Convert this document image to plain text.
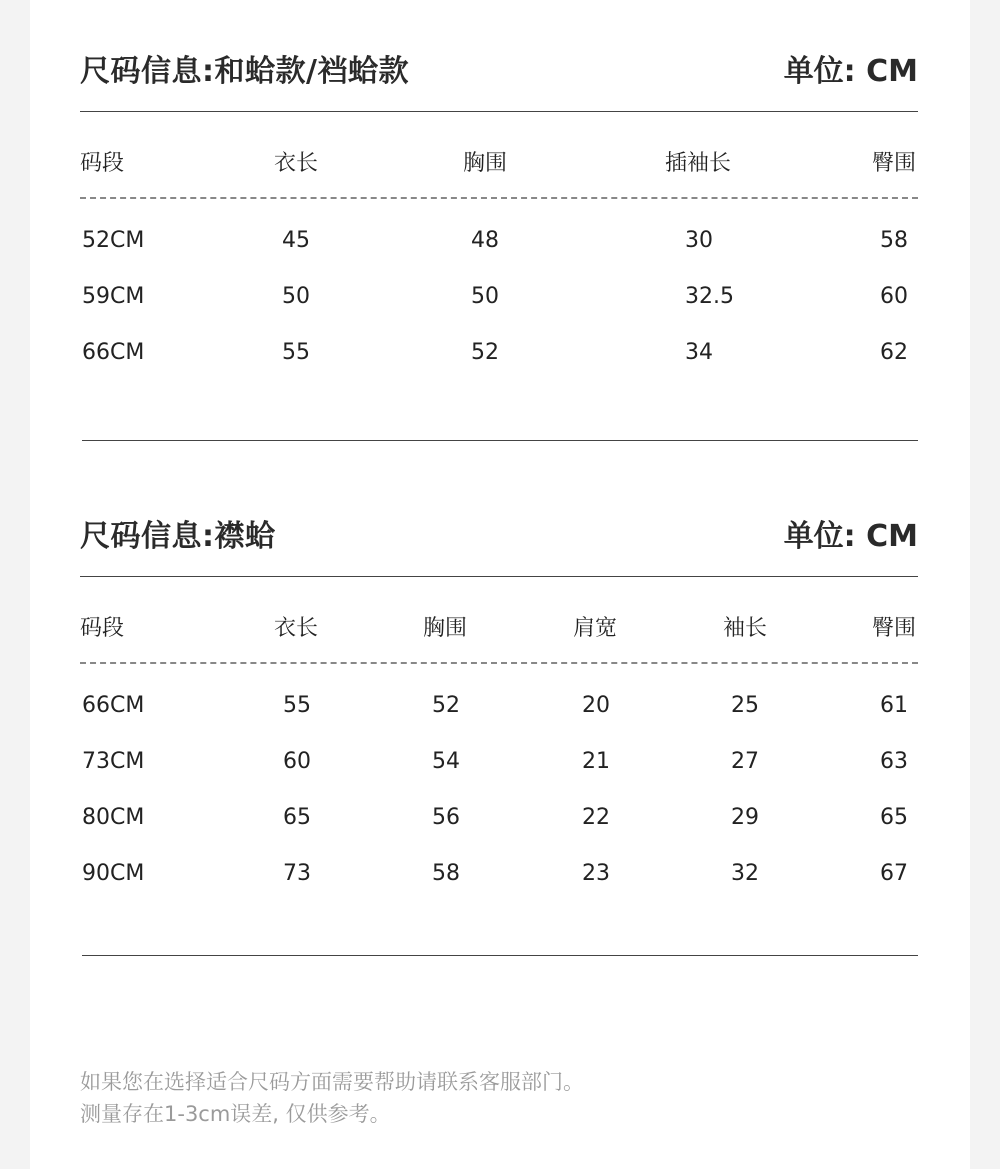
尺码信息:和蛤款/裆蛤款	单位: CM
码段	衣长	胸围	插袖长	臀围
52CM	45	48	30	58
59CM	50	50	32.5	60
66CM	55	52	34	62
尺码信息:襟蛤	单位: CM
码段	衣长	胸围	肩宽	袖长	臀围
66CM	55	52	20	25	61
73CM	60	54	21	27	63
80CM	65	56	22	29	65
90CM	73	58	23	32	67
如果您在选择适合尺码方面需要帮助请联系客服部门。
测量存在1-3cm误差, 仅供参考。
